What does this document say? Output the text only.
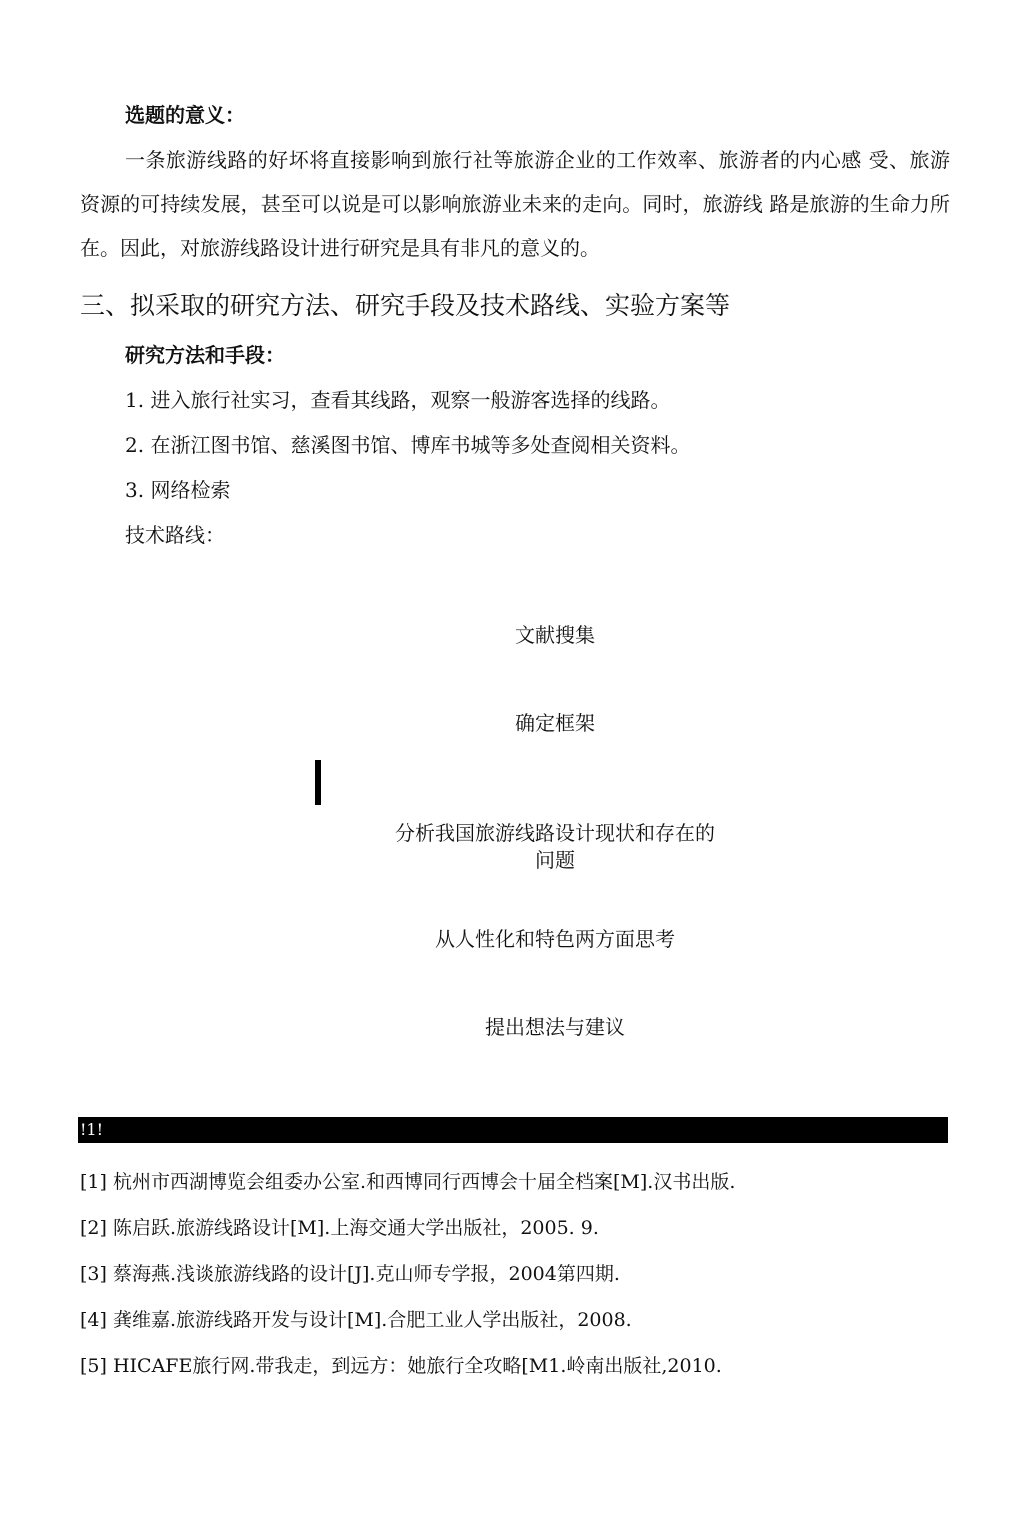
选题的意义：
一条旅游线路的好坏将直接影响到旅行社等旅游企业的工作效率、旅游者的内心感 受、旅游资源的可持续发展，甚至可以说是可以影响旅游业未来的走向。同时，旅游线 路是旅游的生命力所在。因此，对旅游线路设计进行研究是具有非凡的意义的。
三、拟采取的研究方法、研究手段及技术路线、实验方案等
研究方法和手段：
1. 进入旅行社实习，查看其线路，观察一般游客选择的线路。
2. 在浙江图书馆、慈溪图书馆、博库书城等多处查阅相关资料。
3. 网络检索
技术路线：
文献搜集
确定框架
分析我国旅游线路设计现状和存在的问题
从人性化和特色两方面思考
提出想法与建议
!1!
[1] 杭州市西湖博览会组委办公室.和西博同行西博会十届全档案[M].汉书出版.
[2] 陈启跃.旅游线路设计[M].上海交通大学出版社，2005. 9.
[3] 蔡海燕.浅谈旅游线路的设计[J].克山师专学报，2004第四期.
[4] 龚维嘉.旅游线路开发与设计[M].合肥工业人学出版社，2008.
[5] HICAFE旅行网.带我走，到远方：她旅行全攻略[M1.岭南出版社,2010.
